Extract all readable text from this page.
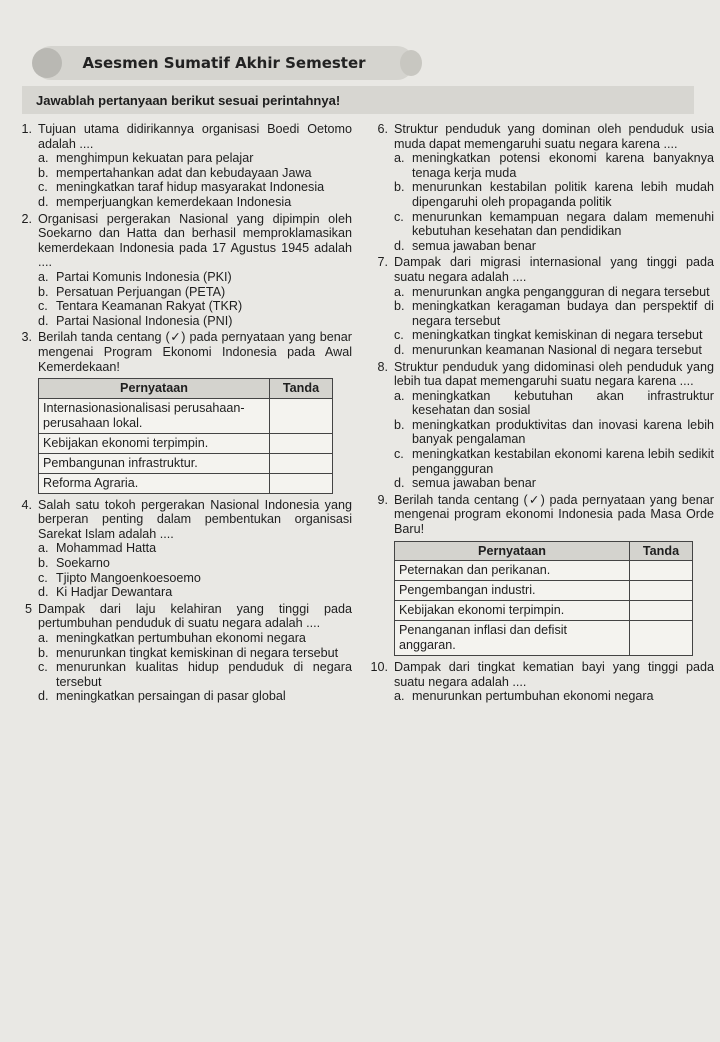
Asesmen Sumatif Akhir Semester
Jawablah pertanyaan berikut sesuai perintahnya!
1. Tujuan utama didirikannya organisasi Boedi Oetomo adalah ....
a. menghimpun kekuatan para pelajar
b. mempertahankan adat dan kebudayaan Jawa
c. meningkatkan taraf hidup masyarakat Indonesia
d. memperjuangkan kemerdekaan Indonesia
2. Organisasi pergerakan Nasional yang dipimpin oleh Soekarno dan Hatta dan berhasil memproklamasikan kemerdekaan Indonesia pada 17 Agustus 1945 adalah ....
a. Partai Komunis Indonesia (PKI)
b. Persatuan Perjuangan (PETA)
c. Tentara Keamanan Rakyat (TKR)
d. Partai Nasional Indonesia (PNI)
3. Berilah tanda centang (✓) pada pernyataan yang benar mengenai Program Ekonomi Indonesia pada Awal Kemerdekaan!
Pernyataan	Tanda
Internasionasionalisasi perusahaan-perusahaan lokal.	
Kebijakan ekonomi terpimpin.	
Pembangunan infrastruktur.	
Reforma Agraria.	
4. Salah satu tokoh pergerakan Nasional Indonesia yang berperan penting dalam pembentukan organisasi Sarekat Islam adalah ....
a. Mohammad Hatta
b. Soekarno
c. Tjipto Mangoenkoesoemo
d. Ki Hadjar Dewantara
5 Dampak dari laju kelahiran yang tinggi pada pertumbuhan penduduk di suatu negara adalah ....
a. meningkatkan pertumbuhan ekonomi negara
b. menurunkan tingkat kemiskinan di negara tersebut
c. menurunkan kualitas hidup penduduk di negara tersebut
d. meningkatkan persaingan di pasar global
6. Struktur penduduk yang dominan oleh penduduk usia muda dapat memengaruhi suatu negara karena ....
a. meningkatkan potensi ekonomi karena banyaknya tenaga kerja muda
b. menurunkan kestabilan politik karena lebih mudah dipengaruhi oleh propaganda politik
c. menurunkan kemampuan negara dalam memenuhi kebutuhan kesehatan dan pendidikan
d. semua jawaban benar
7. Dampak dari migrasi internasional yang tinggi pada suatu negara adalah ....
a. menurunkan angka pengangguran di negara tersebut
b. meningkatkan keragaman budaya dan perspektif di negara tersebut
c. meningkatkan tingkat kemiskinan di negara tersebut
d. menurunkan keamanan Nasional di negara tersebut
8. Struktur penduduk yang didominasi oleh penduduk yang lebih tua dapat memengaruhi suatu negara karena ....
a. meningkatkan kebutuhan akan infrastruktur kesehatan dan sosial
b. meningkatkan produktivitas dan inovasi karena lebih banyak pengalaman
c. meningkatkan kestabilan ekonomi karena lebih sedikit pengangguran
d. semua jawaban benar
9. Berilah tanda centang (✓) pada pernyataan yang benar mengenai program ekonomi Indonesia pada Masa Orde Baru!
Pernyataan	Tanda
Peternakan dan perikanan.	
Pengembangan industri.	
Kebijakan ekonomi terpimpin.	
Penanganan inflasi dan defisit anggaran.	
10. Dampak dari tingkat kematian bayi yang tinggi pada suatu negara adalah ....
a. menurunkan pertumbuhan ekonomi negara
